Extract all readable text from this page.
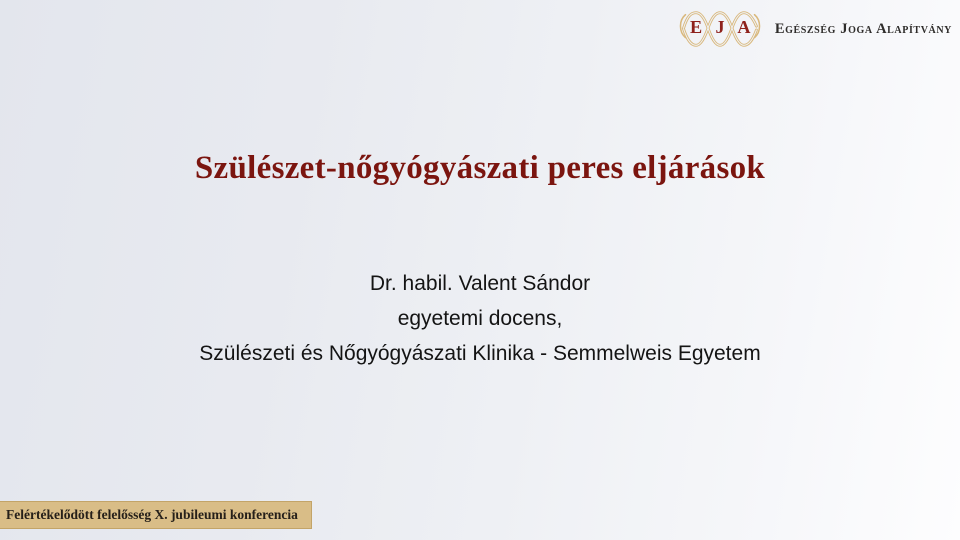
E J A Egészség Joga Alapítvány
Szülészet-nőgyógyászati peres eljárások
Dr. habil. Valent Sándor
egyetemi docens,
Szülészeti és Nőgyógyászati Klinika - Semmelweis Egyetem
Felértékelődött felelősség X. jubileumi konferencia
